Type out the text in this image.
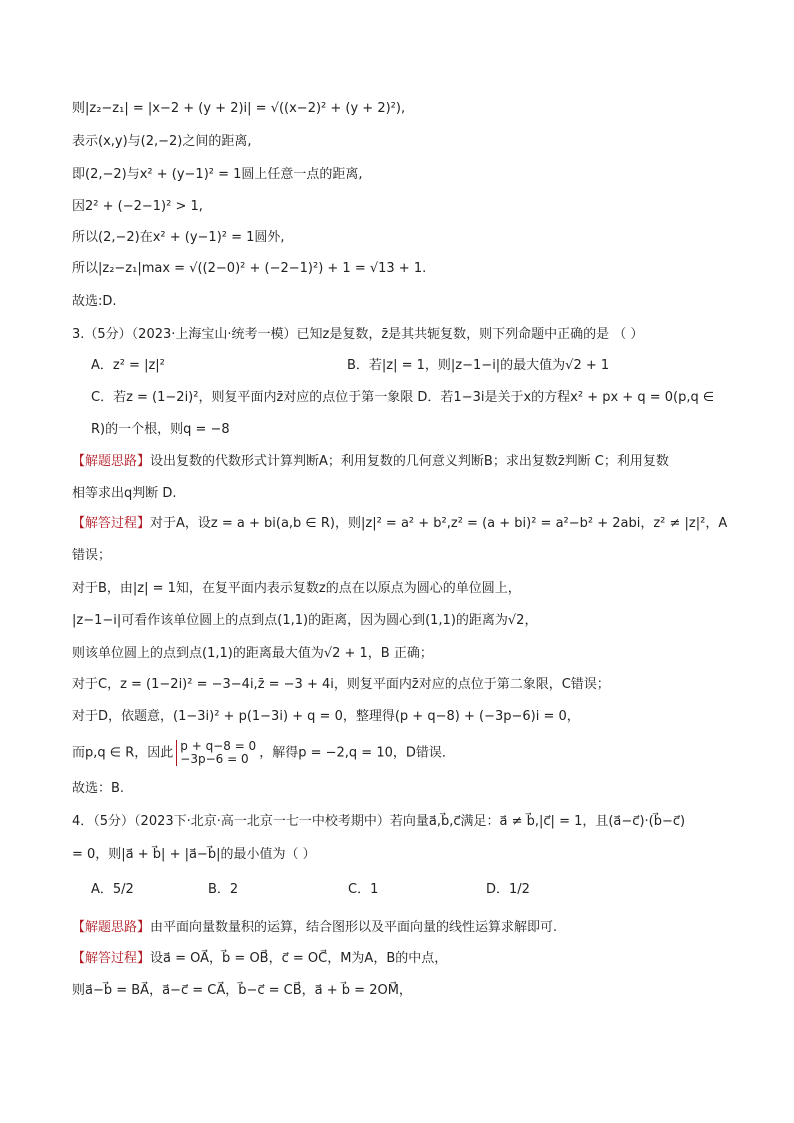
则|z₂−z₁| = |x−2 + (y + 2)i| = √((x−2)² + (y + 2)²),
表示(x,y)与(2,−2)之间的距离,
即(2,−2)与x² + (y−1)² = 1圆上任意一点的距离,
因2² + (−2−1)² > 1,
所以(2,−2)在x² + (y−1)² = 1圆外,
所以|z₂−z₁|max = √((2−0)² + (−2−1)²) + 1 = √13 + 1.
故选:D.
3.（5分）（2023·上海宝山·统考一模）已知z是复数，z̄是其共轭复数，则下列命题中正确的是 （ ）
A．z² = |z|²	B．若|z| = 1，则|z−1−i|的最大值为√2 + 1
C．若z = (1−2i)²，则复平面内z̄对应的点位于第一象限 D．若1−3i是关于x的方程x² + px + q = 0(p,q ∈
R)的一个根，则q = −8
【解题思路】设出复数的代数形式计算判断A；利用复数的几何意义判断B；求出复数z̄判断 C；利用复数
相等求出q判断 D.
【解答过程】对于A，设z = a + bi(a,b ∈ R)，则|z|² = a² + b²,z² = (a + bi)² = a²−b² + 2abi，z² ≠ |z|²，A
错误；
对于B，由|z| = 1知，在复平面内表示复数z的点在以原点为圆心的单位圆上，
|z−1−i|可看作该单位圆上的点到点(1,1)的距离，因为圆心到(1,1)的距离为√2，
则该单位圆上的点到点(1,1)的距离最大值为√2 + 1，B 正确；
对于C，z = (1−2i)² = −3−4i,z̄ = −3 + 4i，则复平面内z̄对应的点位于第二象限，C错误；
对于D，依题意，(1−3i)² + p(1−3i) + q = 0，整理得(p + q−8) + (−3p−6)i = 0，
而p,q ∈ R，因此 p + q−8 = 0
−3p−6 = 0 ，解得p = −2,q = 10，D错误．
故选：B.
4．（5分）（2023下·北京·高一北京一七一中校考期中）若向量a⃗,b⃗,c⃗满足：a⃗ ≠ b⃗,|c⃗| = 1，且(a⃗−c⃗)·(b⃗−c⃗)
= 0，则|a⃗ + b⃗| + |a⃗−b⃗|的最小值为（ ）
A．5/2	B．2	C．1	D．1/2
【解题思路】由平面向量数量积的运算，结合图形以及平面向量的线性运算求解即可.
【解答过程】设a⃗ = OA⃗，b⃗ = OB⃗，c⃗ = OC⃗，M为A，B的中点，
则a⃗−b⃗ = BA⃗，a⃗−c⃗ = CA⃗，b⃗−c⃗ = CB⃗，a⃗ + b⃗ = 2OM⃗，
